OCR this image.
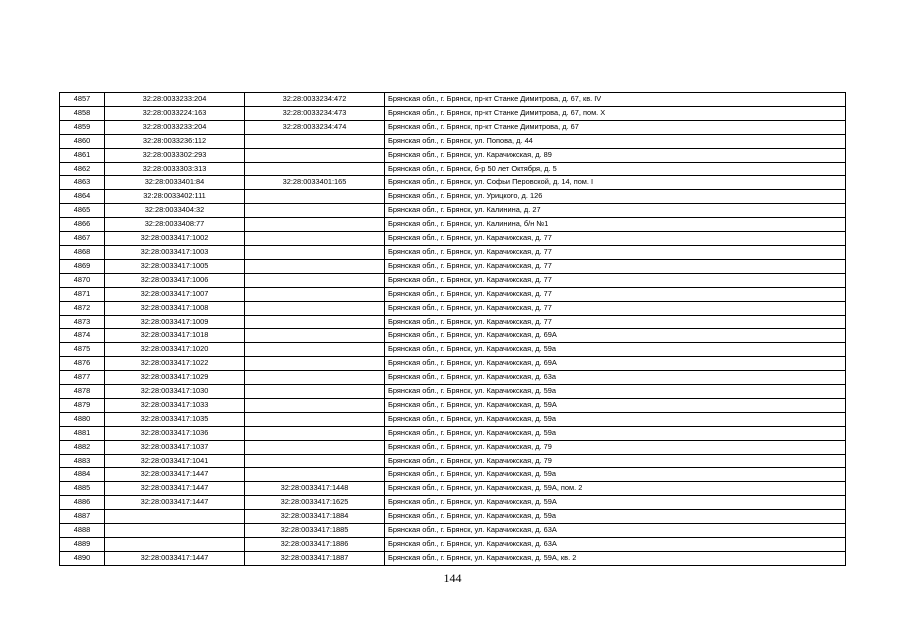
4857	32:28:0033233:204	32:28:0033234:472	Брянская обл., г. Брянск, пр-кт Станке Димитрова, д. 67, кв. IV
4858	32:28:0033224:163	32:28:0033234:473	Брянская обл., г. Брянск, пр-кт Станке Димитрова, д. 67, пом. X
4859	32:28:0033233:204	32:28:0033234:474	Брянская обл., г. Брянск, пр-кт Станке Димитрова, д. 67
4860	32:28:0033236:112		Брянская обл., г. Брянск, ул. Попова, д. 44
4861	32:28:0033302:293		Брянская обл., г. Брянск, ул. Карачижская, д. 89
4862	32:28:0033303:313		Брянская обл., г. Брянск, б-р 50 лет Октября, д. 5
4863	32:28:0033401:84	32:28:0033401:165	Брянская обл., г. Брянск, ул. Софьи Перовской, д. 14, пом. I
4864	32:28:0033402:111		Брянская обл., г. Брянск, ул. Урицкого, д. 126
4865	32:28:0033404:32		Брянская обл., г. Брянск, ул. Калинина, д. 27
4866	32:28:0033408:77		Брянская обл., г. Брянск, ул. Калинина, б/н №1
4867	32:28:0033417:1002		Брянская обл., г. Брянск, ул. Карачижская, д. 77
4868	32:28:0033417:1003		Брянская обл., г. Брянск, ул. Карачижская, д. 77
4869	32:28:0033417:1005		Брянская обл., г. Брянск, ул. Карачижская, д. 77
4870	32:28:0033417:1006		Брянская обл., г. Брянск, ул. Карачижская, д. 77
4871	32:28:0033417:1007		Брянская обл., г. Брянск, ул. Карачижская, д. 77
4872	32:28:0033417:1008		Брянская обл., г. Брянск, ул. Карачижская, д. 77
4873	32:28:0033417:1009		Брянская обл., г. Брянск, ул. Карачижская, д. 77
4874	32:28:0033417:1018		Брянская обл., г. Брянск, ул. Карачижская, д. 69А
4875	32:28:0033417:1020		Брянская обл., г. Брянск, ул. Карачижская, д. 59а
4876	32:28:0033417:1022		Брянская обл., г. Брянск, ул. Карачижская, д. 69А
4877	32:28:0033417:1029		Брянская обл., г. Брянск, ул. Карачижская, д. 63а
4878	32:28:0033417:1030		Брянская обл., г. Брянск, ул. Карачижская, д. 59а
4879	32:28:0033417:1033		Брянская обл., г. Брянск, ул. Карачижская, д. 59А
4880	32:28:0033417:1035		Брянская обл., г. Брянск, ул. Карачижская, д. 59а
4881	32:28:0033417:1036		Брянская обл., г. Брянск, ул. Карачижская, д. 59а
4882	32:28:0033417:1037		Брянская обл., г. Брянск, ул. Карачижская, д. 79
4883	32:28:0033417:1041		Брянская обл., г. Брянск, ул. Карачижская, д. 79
4884	32:28:0033417:1447		Брянская обл., г. Брянск, ул. Карачижская, д. 59а
4885	32:28:0033417:1447	32:28:0033417:1448	Брянская обл., г. Брянск, ул. Карачижская, д. 59А, пом. 2
4886	32:28:0033417:1447	32:28:0033417:1625	Брянская обл., г. Брянск, ул. Карачижская, д. 59А
4887		32:28:0033417:1884	Брянская обл., г. Брянск, ул. Карачижская, д. 59а
4888		32:28:0033417:1885	Брянская обл., г. Брянск, ул. Карачижская, д. 63А
4889		32:28:0033417:1886	Брянская обл., г. Брянск, ул. Карачижская, д. 63А
4890	32:28:0033417:1447	32:28:0033417:1887	Брянская обл., г. Брянск, ул. Карачижская, д. 59А, кв. 2
144
